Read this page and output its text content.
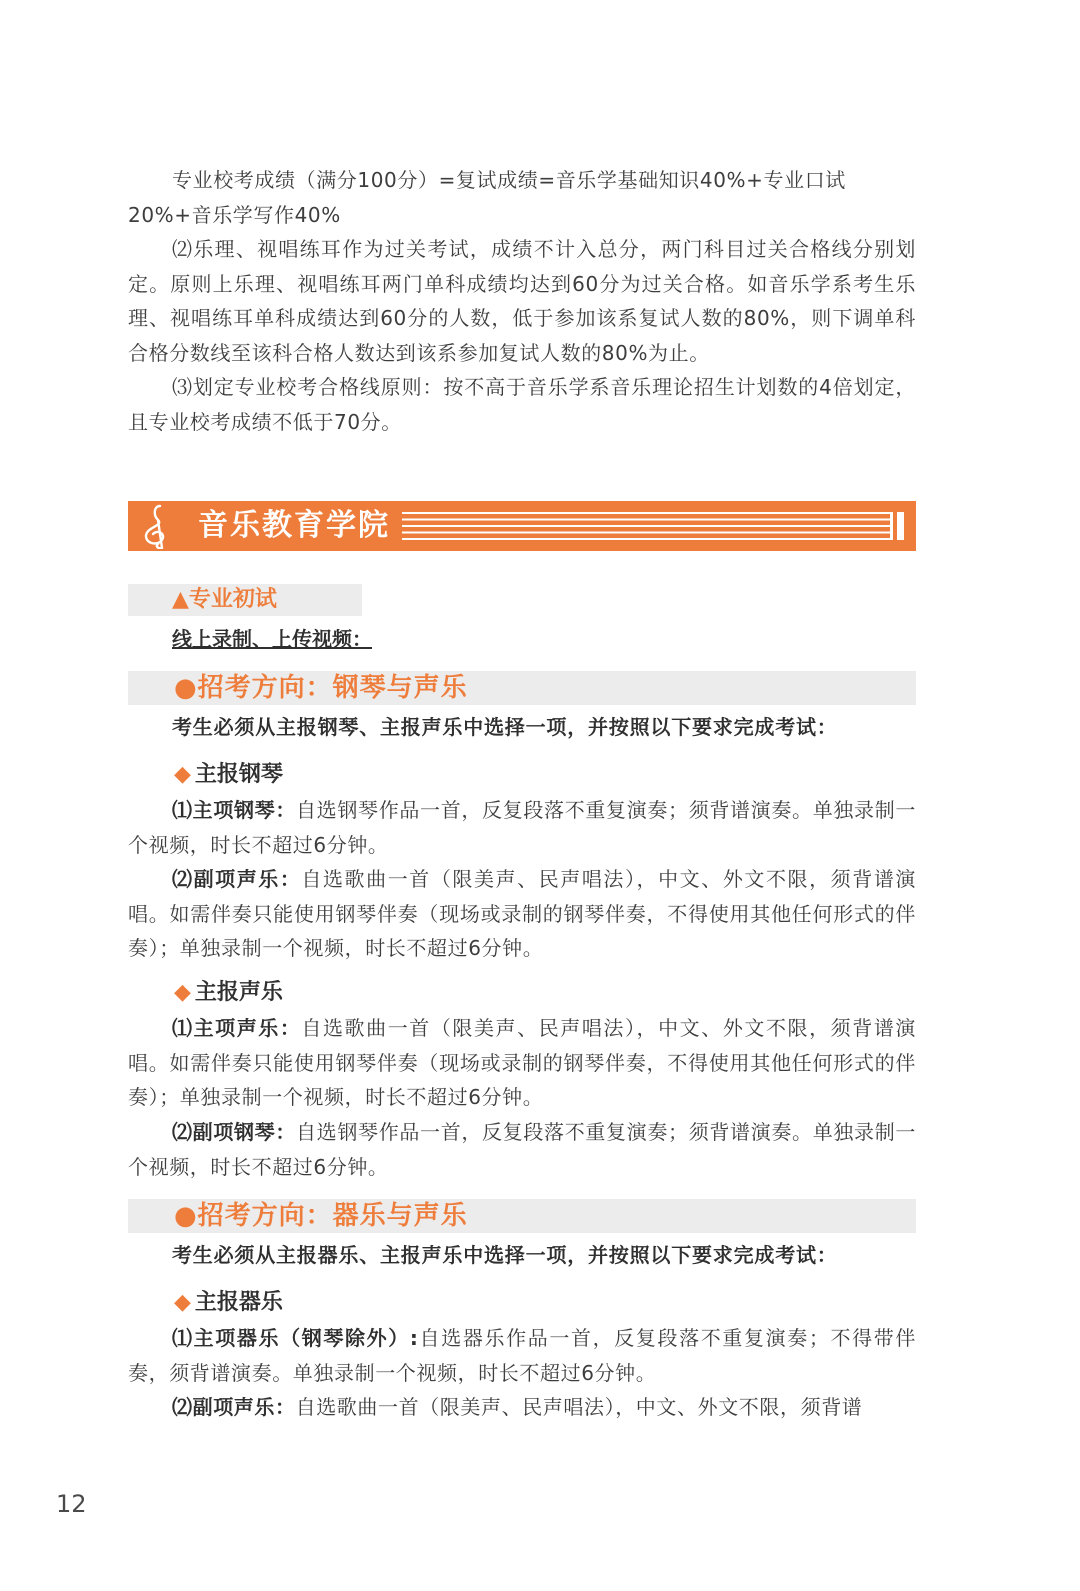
专业校考成绩（满分100分）=复试成绩=音乐学基础知识40%+专业口试
20%+音乐学写作40%
⑵乐理、视唱练耳作为过关考试，成绩不计入总分，两门科目过关合格线分别划定。原则上乐理、视唱练耳两门单科成绩均达到60分为过关合格。如音乐学系考生乐理、视唱练耳单科成绩达到60分的人数，低于参加该系复试人数的80%，则下调单科合格分数线至该科合格人数达到该系参加复试人数的80%为止。
⑶划定专业校考合格线原则：按不高于音乐学系音乐理论招生计划数的4倍划定，且专业校考成绩不低于70分。
音乐教育学院
▲专业初试
线上录制、上传视频：
●招考方向：钢琴与声乐
考生必须从主报钢琴、主报声乐中选择一项，并按照以下要求完成考试：
◆ 主报钢琴
⑴主项钢琴：自选钢琴作品一首，反复段落不重复演奏；须背谱演奏。单独录制一个视频，时长不超过6分钟。
⑵副项声乐：自选歌曲一首（限美声、民声唱法），中文、外文不限，须背谱演唱。如需伴奏只能使用钢琴伴奏（现场或录制的钢琴伴奏，不得使用其他任何形式的伴奏）；单独录制一个视频，时长不超过6分钟。
◆ 主报声乐
⑴主项声乐：自选歌曲一首（限美声、民声唱法），中文、外文不限，须背谱演唱。如需伴奏只能使用钢琴伴奏（现场或录制的钢琴伴奏，不得使用其他任何形式的伴奏）；单独录制一个视频，时长不超过6分钟。
⑵副项钢琴：自选钢琴作品一首，反复段落不重复演奏；须背谱演奏。单独录制一个视频，时长不超过6分钟。
●招考方向：器乐与声乐
考生必须从主报器乐、主报声乐中选择一项，并按照以下要求完成考试：
◆ 主报器乐
⑴主项器乐（钢琴除外）:自选器乐作品一首，反复段落不重复演奏；不得带伴奏，须背谱演奏。单独录制一个视频，时长不超过6分钟。
⑵副项声乐：自选歌曲一首（限美声、民声唱法），中文、外文不限，须背谱
12
